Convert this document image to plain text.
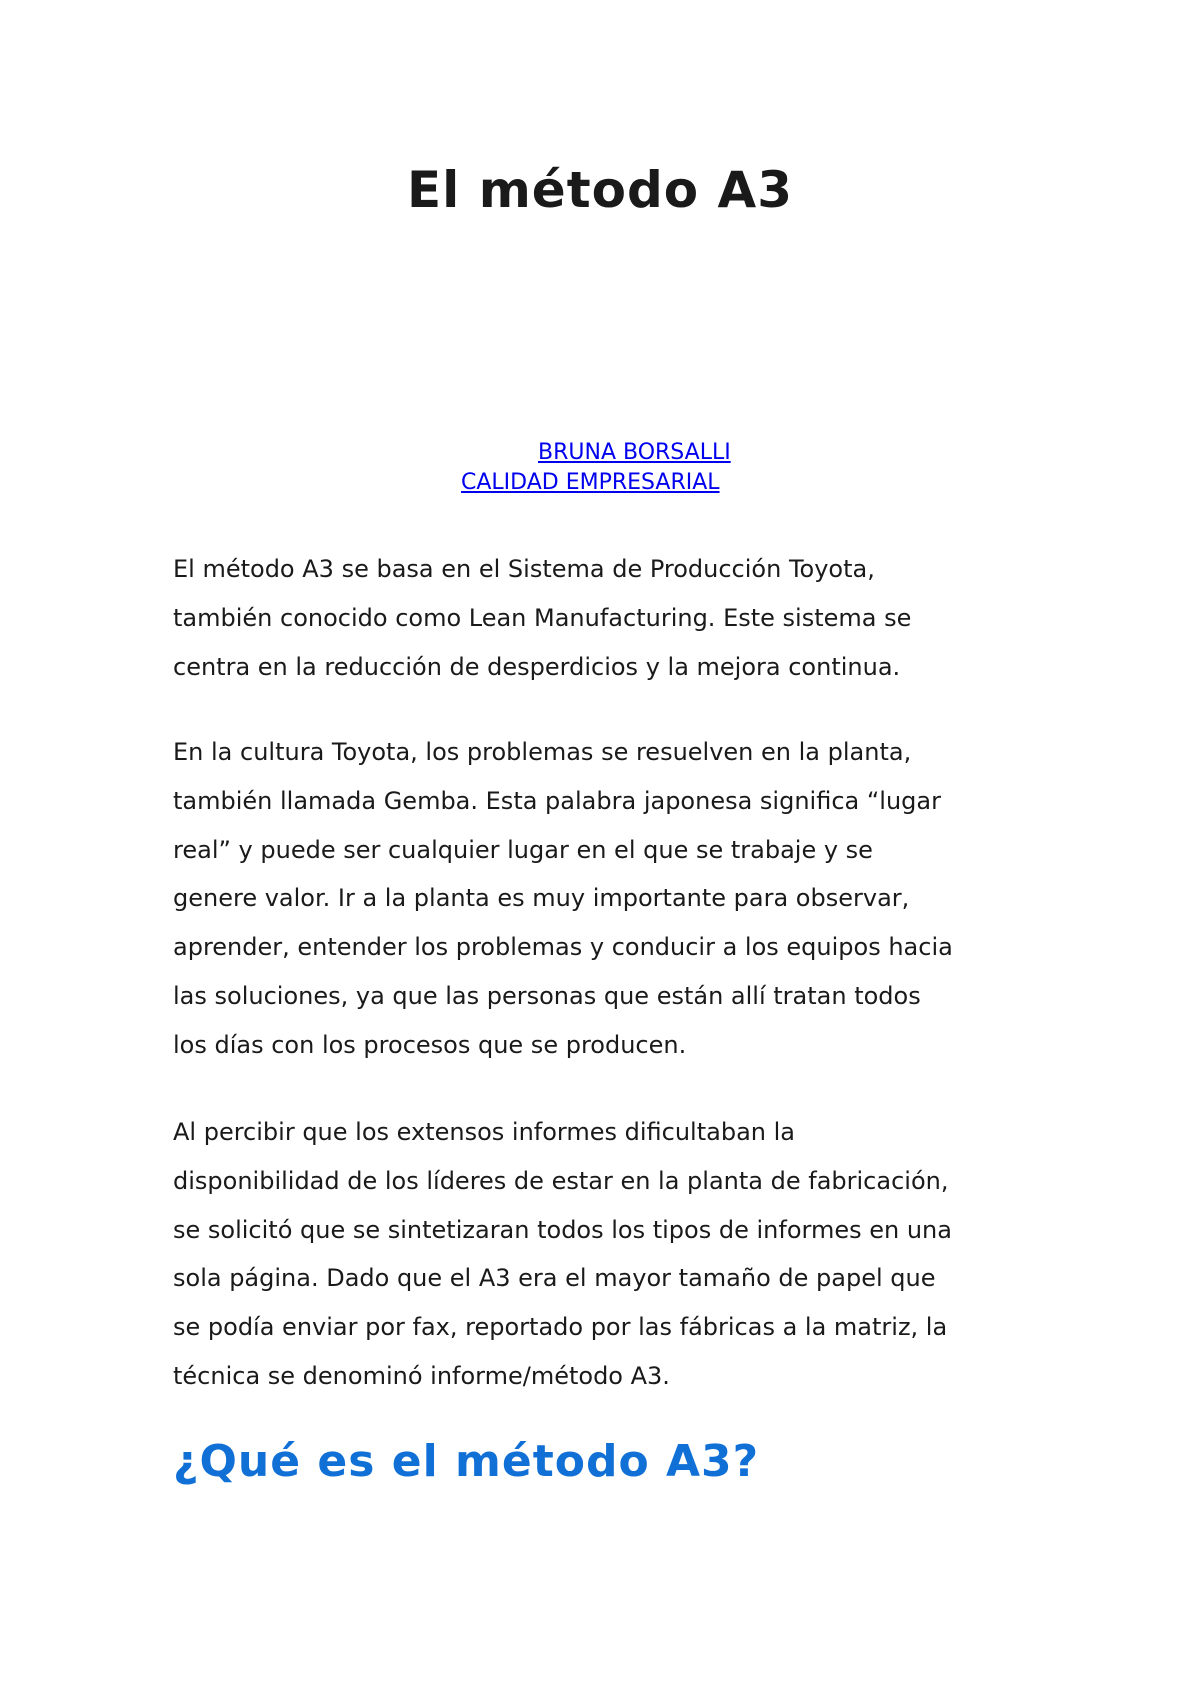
El método A3
BRUNA BORSALLI
CALIDAD EMPRESARIAL

El método A3 se basa en el Sistema de Producción Toyota,
también conocido como Lean Manufacturing. Este sistema se
centra en la reducción de desperdicios y la mejora continua.

En la cultura Toyota, los problemas se resuelven en la planta,
también llamada Gemba. Esta palabra japonesa significa “lugar
real” y puede ser cualquier lugar en el que se trabaje y se
genere valor. Ir a la planta es muy importante para observar,
aprender, entender los problemas y conducir a los equipos hacia
las soluciones, ya que las personas que están allí tratan todos
los días con los procesos que se producen.

Al percibir que los extensos informes dificultaban la
disponibilidad de los líderes de estar en la planta de fabricación,
se solicitó que se sintetizaran todos los tipos de informes en una
sola página. Dado que el A3 era el mayor tamaño de papel que
se podía enviar por fax, reportado por las fábricas a la matriz, la
técnica se denominó informe/método A3.

¿Qué es el método A3?
